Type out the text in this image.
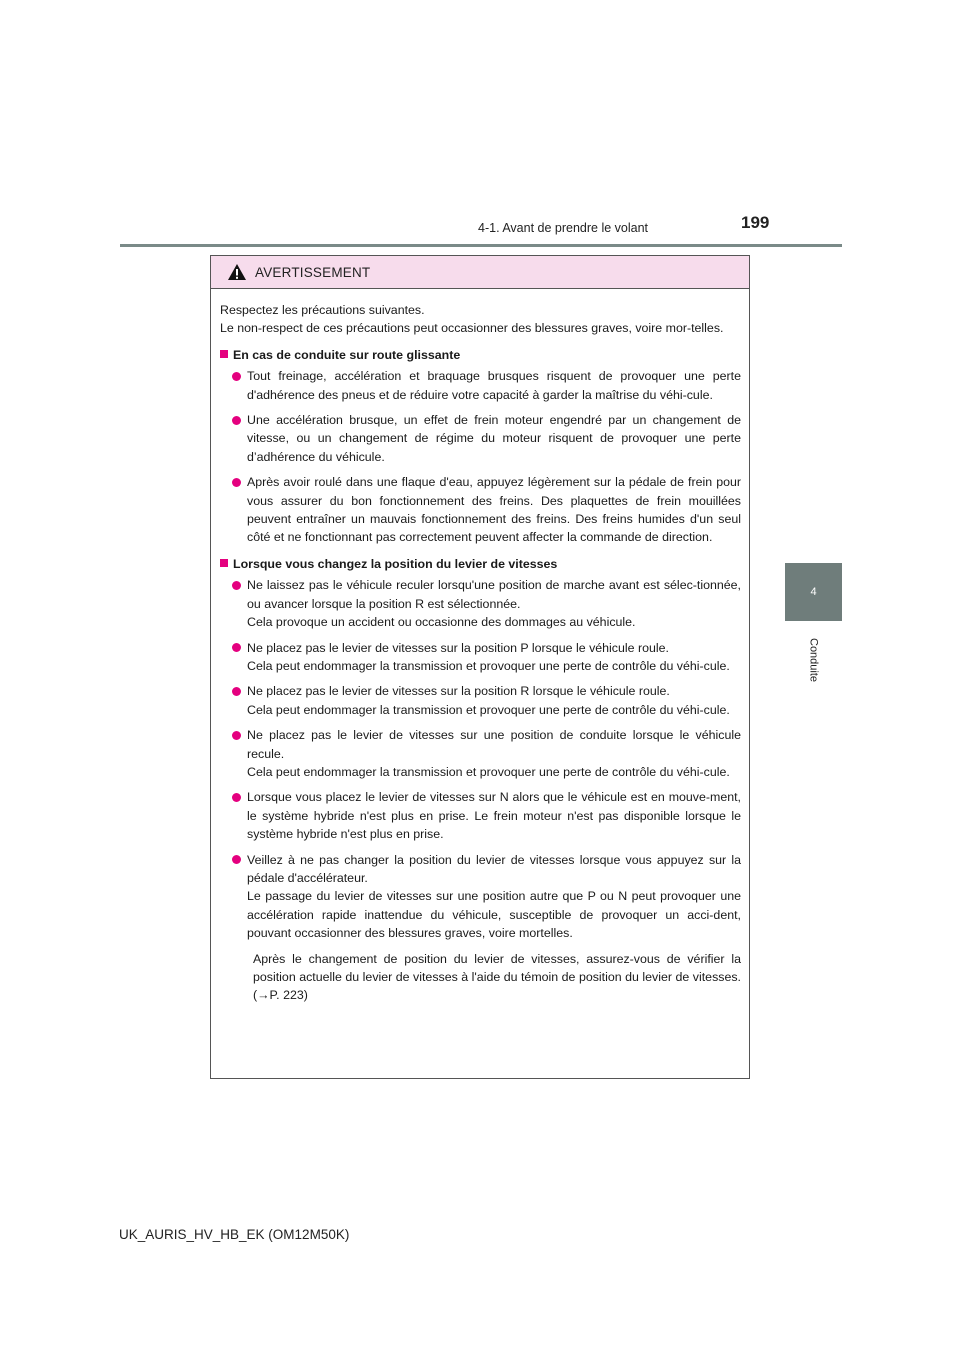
4-1. Avant de prendre le volant	199
4
Conduite
AVERTISSEMENT

Respectez les précautions suivantes.
Le non-respect de ces précautions peut occasionner des blessures graves, voire mor-telles.

En cas de conduite sur route glissante

Tout freinage, accélération et braquage brusques risquent de provoquer une perte d'adhérence des pneus et de réduire votre capacité à garder la maîtrise du véhi-cule.

Une accélération brusque, un effet de frein moteur engendré par un changement de vitesse, ou un changement de régime du moteur risquent de provoquer une perte d’adhérence du véhicule.

Après avoir roulé dans une flaque d'eau, appuyez légèrement sur la pédale de frein pour vous assurer du bon fonctionnement des freins. Des plaquettes de frein mouillées peuvent entraîner un mauvais fonctionnement des freins. Des freins humides d'un seul côté et ne fonctionnant pas correctement peuvent affecter la commande de direction.

Lorsque vous changez la position du levier de vitesses

Ne laissez pas le véhicule reculer lorsqu'une position de marche avant est sélec-tionnée, ou avancer lorsque la position R est sélectionnée.

Cela provoque un accident ou occasionne des dommages au véhicule.

Ne placez pas le levier de vitesses sur la position P lorsque le véhicule roule.

Cela peut endommager la transmission et provoquer une perte de contrôle du véhi-cule.

Ne placez pas le levier de vitesses sur la position R lorsque le véhicule roule.

Cela peut endommager la transmission et provoquer une perte de contrôle du véhi-cule.

Ne placez pas le levier de vitesses sur une position de conduite lorsque le véhicule recule.

Cela peut endommager la transmission et provoquer une perte de contrôle du véhi-cule.

Lorsque vous placez le levier de vitesses sur N alors que le véhicule est en mouve-ment, le système hybride n'est plus en prise. Le frein moteur n'est pas disponible lorsque le système hybride n'est plus en prise.

Veillez à ne pas changer la position du levier de vitesses lorsque vous appuyez sur la pédale d'accélérateur.

Le passage du levier de vitesses sur une position autre que P ou N peut provoquer une accélération rapide inattendue du véhicule, susceptible de provoquer un acci-dent, pouvant occasionner des blessures graves, voire mortelles.

Après le changement de position du levier de vitesses, assurez-vous de vérifier la position actuelle du levier de vitesses à l'aide du témoin de position du levier de vitesses. (→P. 223)

UK_AURIS_HV_HB_EK (OM12M50K)
